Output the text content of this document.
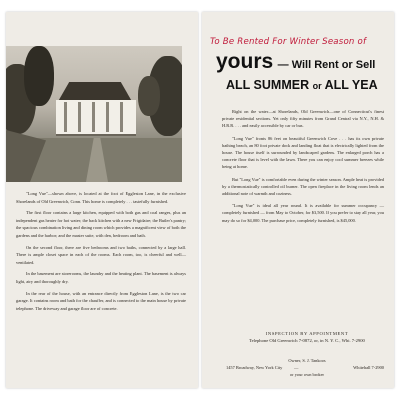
"Long Vue"—shown above, is located at the foot of Eggleston Lane, in the exclusive Shorelands of Old Greenwich, Conn. This home is completely . . . tastefully furnished.

The first floor contains a large kitchen, equipped with both gas and coal ranges, plus an independent gas heater for hot water; the back kitchen with a new Frigidaire; the Butler's pantry; the spacious combination living and dining room which provides a magnificent view of both the gardens and the harbor; and the master suite, with den, bedroom and bath.

On the second floor, there are five bedrooms and two baths, connected by a large hall. There is ample closet space in each of the rooms. Each room, too, is cheerful and well—ventilated.

In the basement are storerooms, the laundry and the heating plant. The basement is always light, airy and thoroughly dry.

In the rear of the house, with an entrance directly from Eggleston Lane, is the two car garage. It contains room and bath for the chauffer, and is connected to the main house by private telephone. The driveway and garage floor are of concrete.

To Be Rented For Winter Season of
yours — Will Rent or Sell
ALL SUMMER or ALL YEA

Right on the water—at Shorelands, Old Greenwich—one of Connecticut's finest private residential sections. Yet only fifty minutes from Grand Central via N.Y., N.H. & H.R.R. . . . and easily accessible by car or bus.

"Long Vue" fronts 86 feet on beautiful Greenwich Cove . . . has its own private bathing beach, an 80 foot private dock and landing float that is electrically lighted from the house. The house itself is surrounded by landscaped gardens. The enlarged porch has a concrete floor that is level with the lawn. There you can enjoy cool summer breezes while being at home.

But "Long Vue" is comfortable even during the winter season. Ample heat is provided by a thermostatically controlled oil burner. The open fireplace in the living room lends an additional note of warmth and coziness.

"Long Vue" is ideal all year round. It is available for summer occupancy — completely furnished — from May to October, for $3,500. If you prefer to stay all year, you may do so for $4,000. The purchase price, completely furnished, is $45,000.

INSPECTION BY APPOINTMENT
Telephone Old Greenwich 7-0872, or, in N. Y. C., Whi. 7-2900
Owner, S. J. Tankoos
1457 Broadway, New York City	—	Whitehall 7-2900
or your own broker
